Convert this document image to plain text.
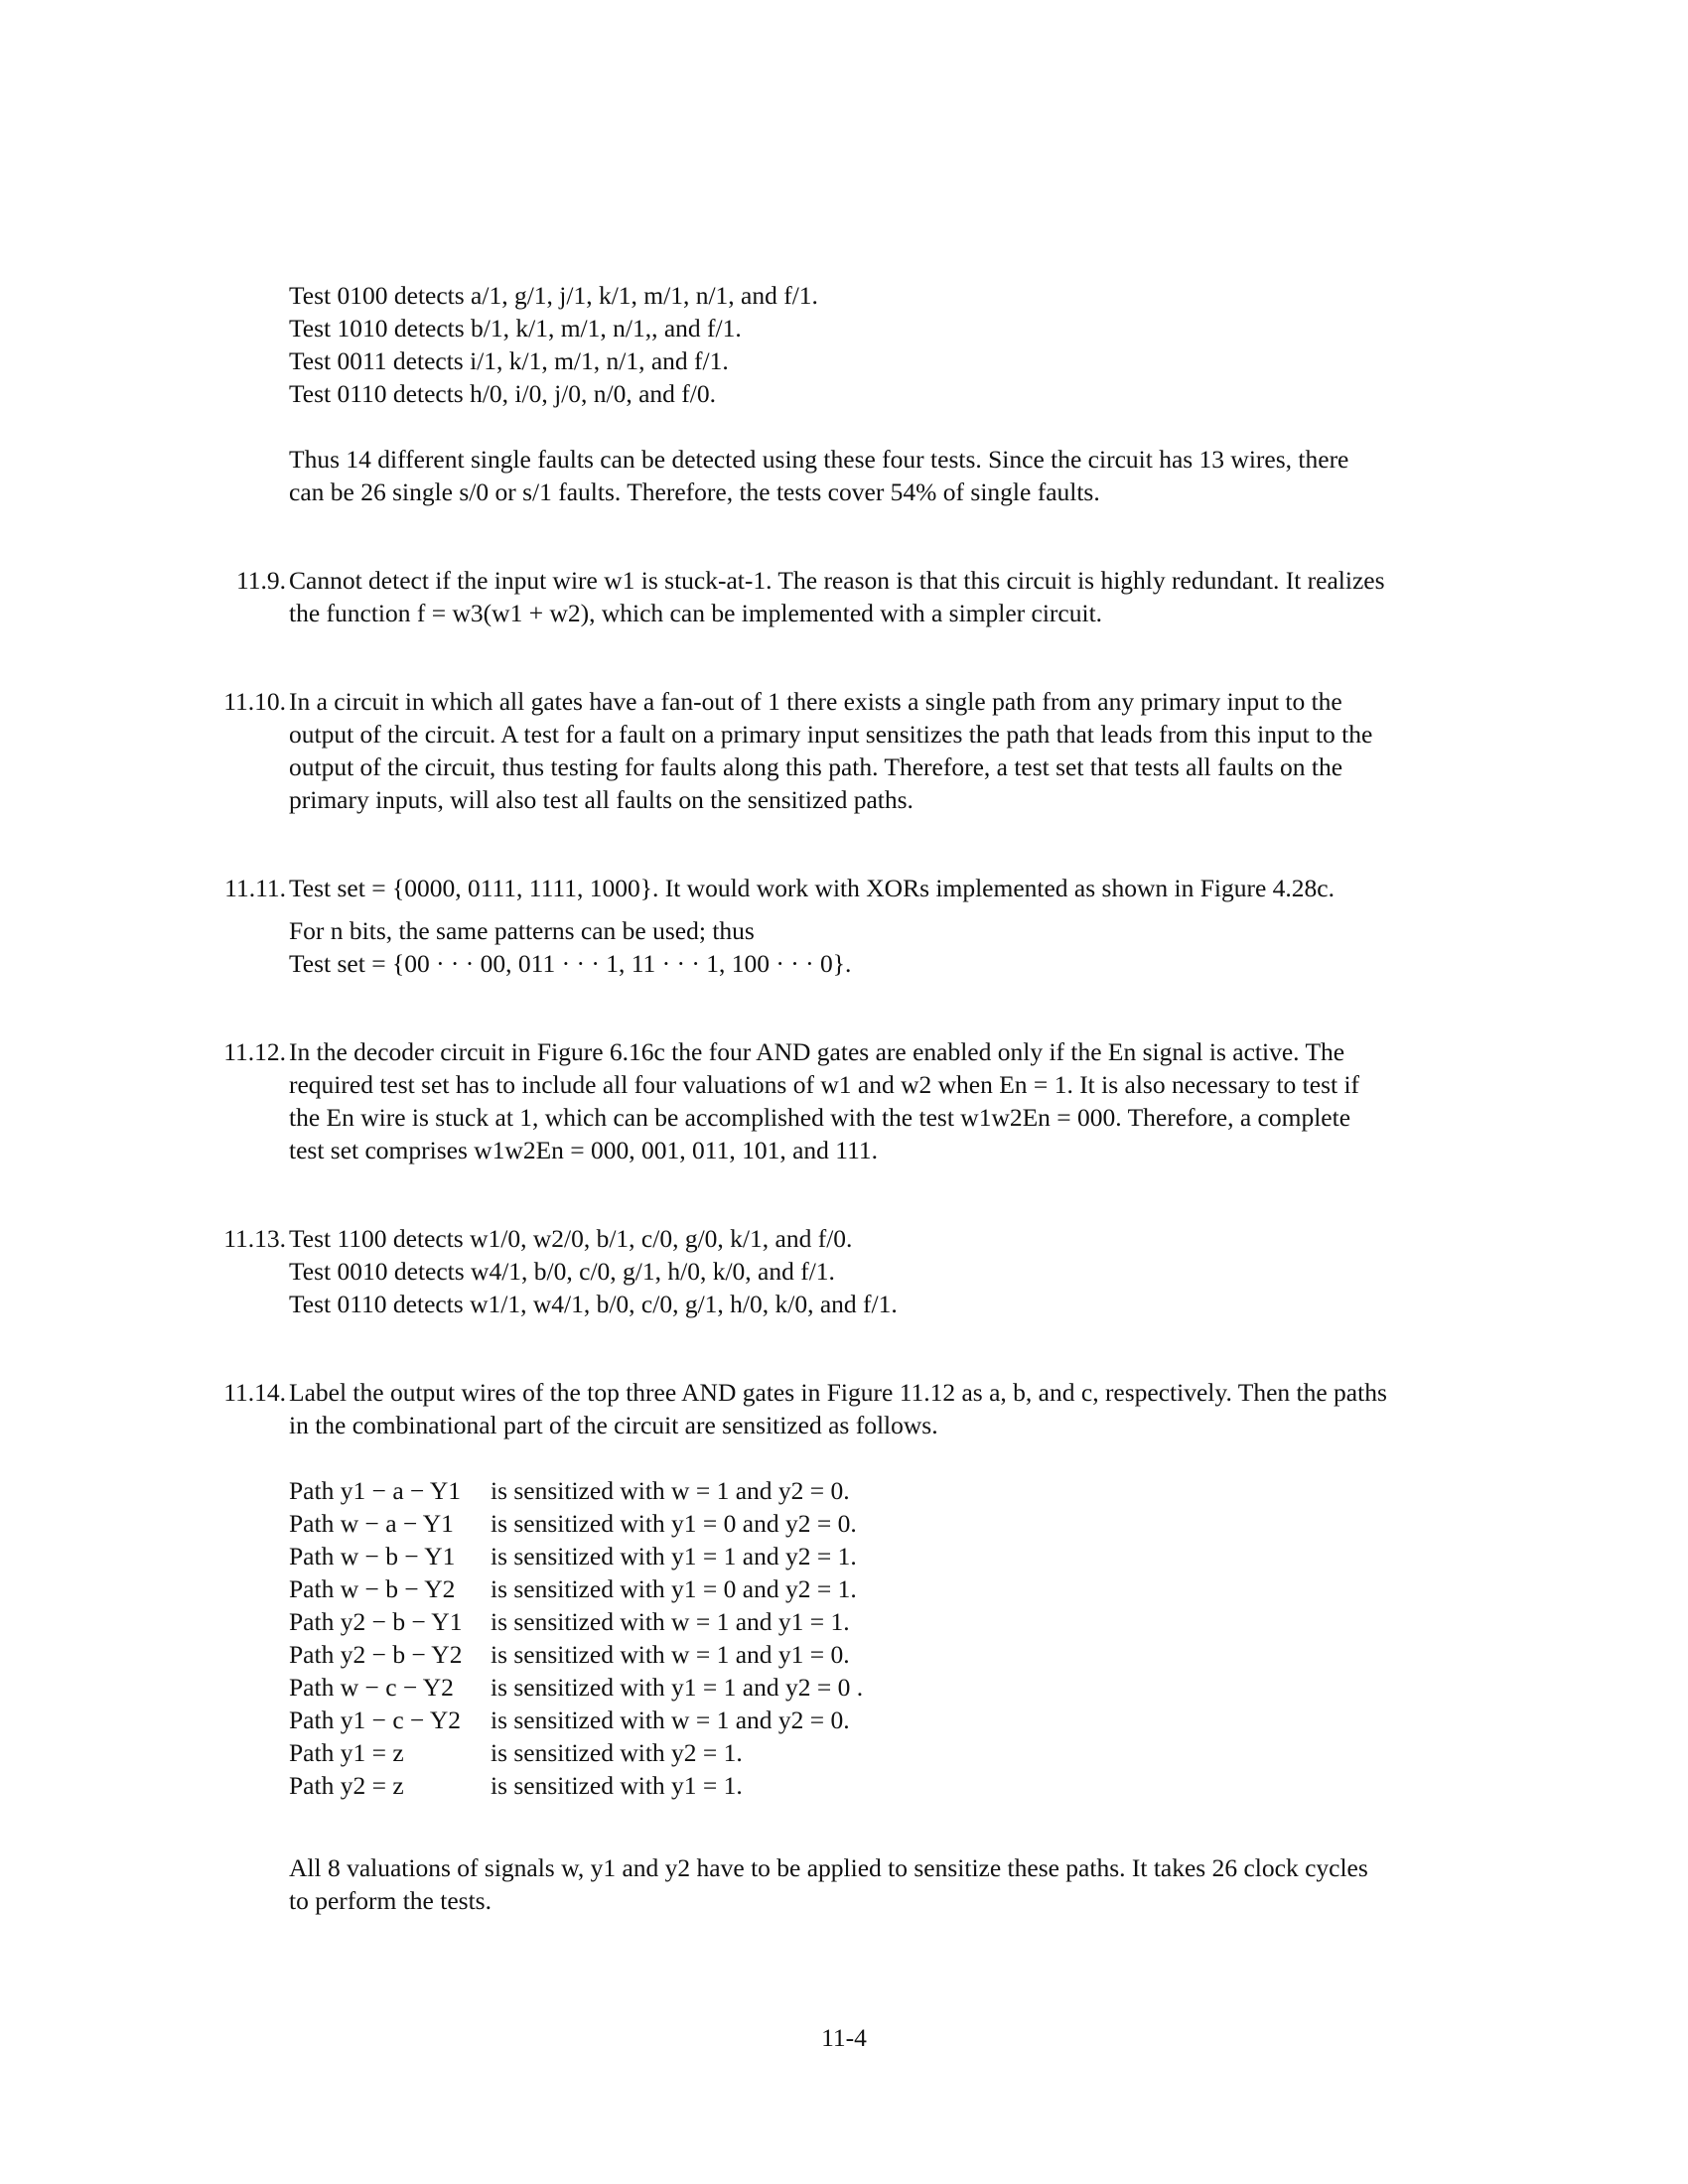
Test 0100 detects a/1, g/1, j/1, k/1, m/1, n/1, and f/1.
Test 1010 detects b/1, k/1, m/1, n/1,, and f/1.
Test 0011 detects i/1, k/1, m/1, n/1, and f/1.
Test 0110 detects h/0, i/0, j/0, n/0, and f/0.
Thus 14 different single faults can be detected using these four tests. Since the circuit has 13 wires, there
can be 26 single s/0 or s/1 faults. Therefore, the tests cover 54% of single faults.
11.9. Cannot detect if the input wire w1 is stuck-at-1. The reason is that this circuit is highly redundant. It realizes
the function f = w3(w1 + w2), which can be implemented with a simpler circuit.
11.10. In a circuit in which all gates have a fan-out of 1 there exists a single path from any primary input to the
output of the circuit. A test for a fault on a primary input sensitizes the path that leads from this input to the
output of the circuit, thus testing for faults along this path. Therefore, a test set that tests all faults on the
primary inputs, will also test all faults on the sensitized paths.
11.11. Test set = {0000, 0111, 1111, 1000}. It would work with XORs implemented as shown in Figure 4.28c.
For n bits, the same patterns can be used; thus
Test set = {00 · · · 00, 011 · · · 1, 11 · · · 1, 100 · · · 0}.
11.12. In the decoder circuit in Figure 6.16c the four AND gates are enabled only if the En signal is active. The
required test set has to include all four valuations of w1 and w2 when En = 1. It is also necessary to test if
the En wire is stuck at 1, which can be accomplished with the test w1w2En = 000. Therefore, a complete
test set comprises w1w2En = 000, 001, 011, 101, and 111.
11.13. Test 1100 detects w1/0, w2/0, b/1, c/0, g/0, k/1, and f/0.
Test 0010 detects w4/1, b/0, c/0, g/1, h/0, k/0, and f/1.
Test 0110 detects w1/1, w4/1, b/0, c/0, g/1, h/0, k/0, and f/1.
11.14. Label the output wires of the top three AND gates in Figure 11.12 as a, b, and c, respectively. Then the paths
in the combinational part of the circuit are sensitized as follows.
Path y1 − a − Y1 is sensitized with w = 1 and y2 = 0.
Path w − a − Y1 is sensitized with y1 = 0 and y2 = 0.
Path w − b − Y1 is sensitized with y1 = 1 and y2 = 1.
Path w − b − Y2 is sensitized with y1 = 0 and y2 = 1.
Path y2 − b − Y1 is sensitized with w = 1 and y1 = 1.
Path y2 − b − Y2 is sensitized with w = 1 and y1 = 0.
Path w − c − Y2 is sensitized with y1 = 1 and y2 = 0 .
Path y1 − c − Y2 is sensitized with w = 1 and y2 = 0.
Path y1 = z	is sensitized with y2 = 1.
Path y2 = z	is sensitized with y1 = 1.
All 8 valuations of signals w, y1 and y2 have to be applied to sensitize these paths. It takes 26 clock cycles
to perform the tests.
11-4
